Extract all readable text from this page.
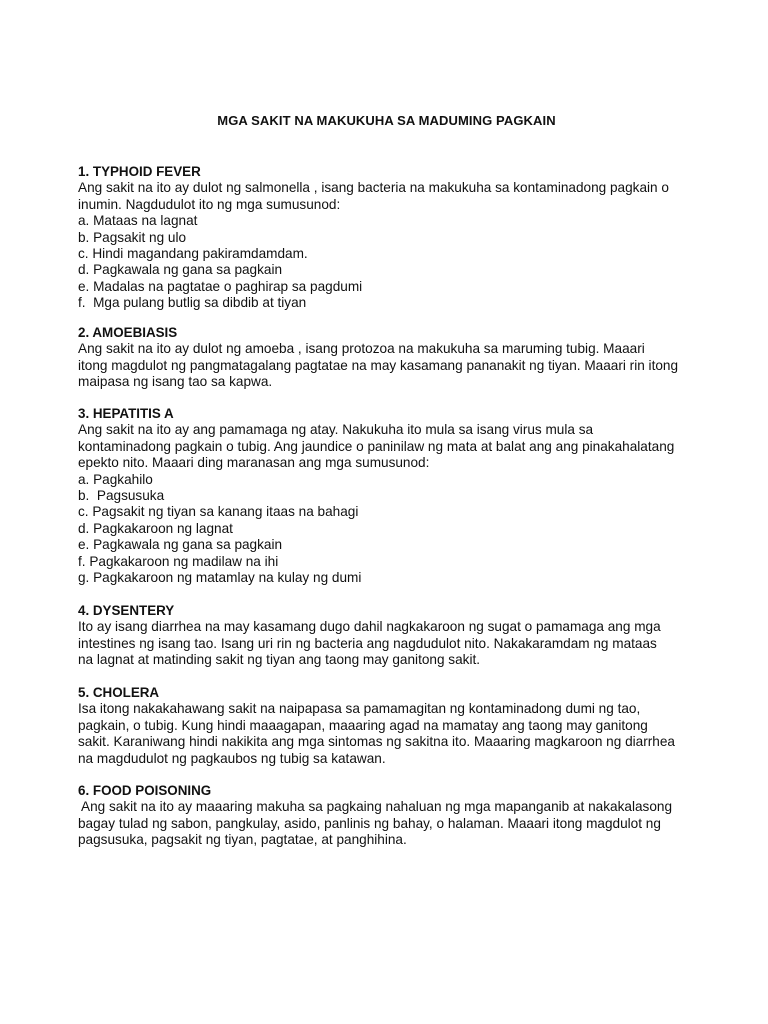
MGA SAKIT NA MAKUKUHA SA MADUMING PAGKAIN
1. TYPHOID FEVER
Ang sakit na ito ay dulot ng salmonella , isang bacteria na makukuha sa kontaminadong pagkain o
inumin. Nagdudulot ito ng mga sumusunod:
a. Mataas na lagnat
b. Pagsakit ng ulo
c. Hindi magandang pakiramdamdam.
d. Pagkawala ng gana sa pagkain
e. Madalas na pagtatae o paghirap sa pagdumi
f.  Mga pulang butlig sa dibdib at tiyan
2. AMOEBIASIS
Ang sakit na ito ay dulot ng amoeba , isang protozoa na makukuha sa maruming tubig. Maaari
itong magdulot ng pangmatagalang pagtatae na may kasamang pananakit ng tiyan. Maaari rin itong
maipasa ng isang tao sa kapwa.
3. HEPATITIS A
Ang sakit na ito ay ang pamamaga ng atay. Nakukuha ito mula sa isang virus mula sa
kontaminadong pagkain o tubig. Ang jaundice o paninilaw ng mata at balat ang ang pinakahalatang
epekto nito. Maaari ding maranasan ang mga sumusunod:
a. Pagkahilo
b.  Pagsusuka
c. Pagsakit ng tiyan sa kanang itaas na bahagi
d. Pagkakaroon ng lagnat
e. Pagkawala ng gana sa pagkain
f. Pagkakaroon ng madilaw na ihi
g. Pagkakaroon ng matamlay na kulay ng dumi
4. DYSENTERY
Ito ay isang diarrhea na may kasamang dugo dahil nagkakaroon ng sugat o pamamaga ang mga
intestines ng isang tao. Isang uri rin ng bacteria ang nagdudulot nito. Nakakaramdam ng mataas
na lagnat at matinding sakit ng tiyan ang taong may ganitong sakit.
5. CHOLERA
Isa itong nakakahawang sakit na naipapasa sa pamamagitan ng kontaminadong dumi ng tao,
pagkain, o tubig. Kung hindi maaagapan, maaaring agad na mamatay ang taong may ganitong
sakit. Karaniwang hindi nakikita ang mga sintomas ng sakitna ito. Maaaring magkaroon ng diarrhea
na magdudulot ng pagkaubos ng tubig sa katawan.
6. FOOD POISONING
Ang sakit na ito ay maaaring makuha sa pagkaing nahaluan ng mga mapanganib at nakakalasong
bagay tulad ng sabon, pangkulay, asido, panlinis ng bahay, o halaman. Maaari itong magdulot ng
pagsusuka, pagsakit ng tiyan, pagtatae, at panghihina.
